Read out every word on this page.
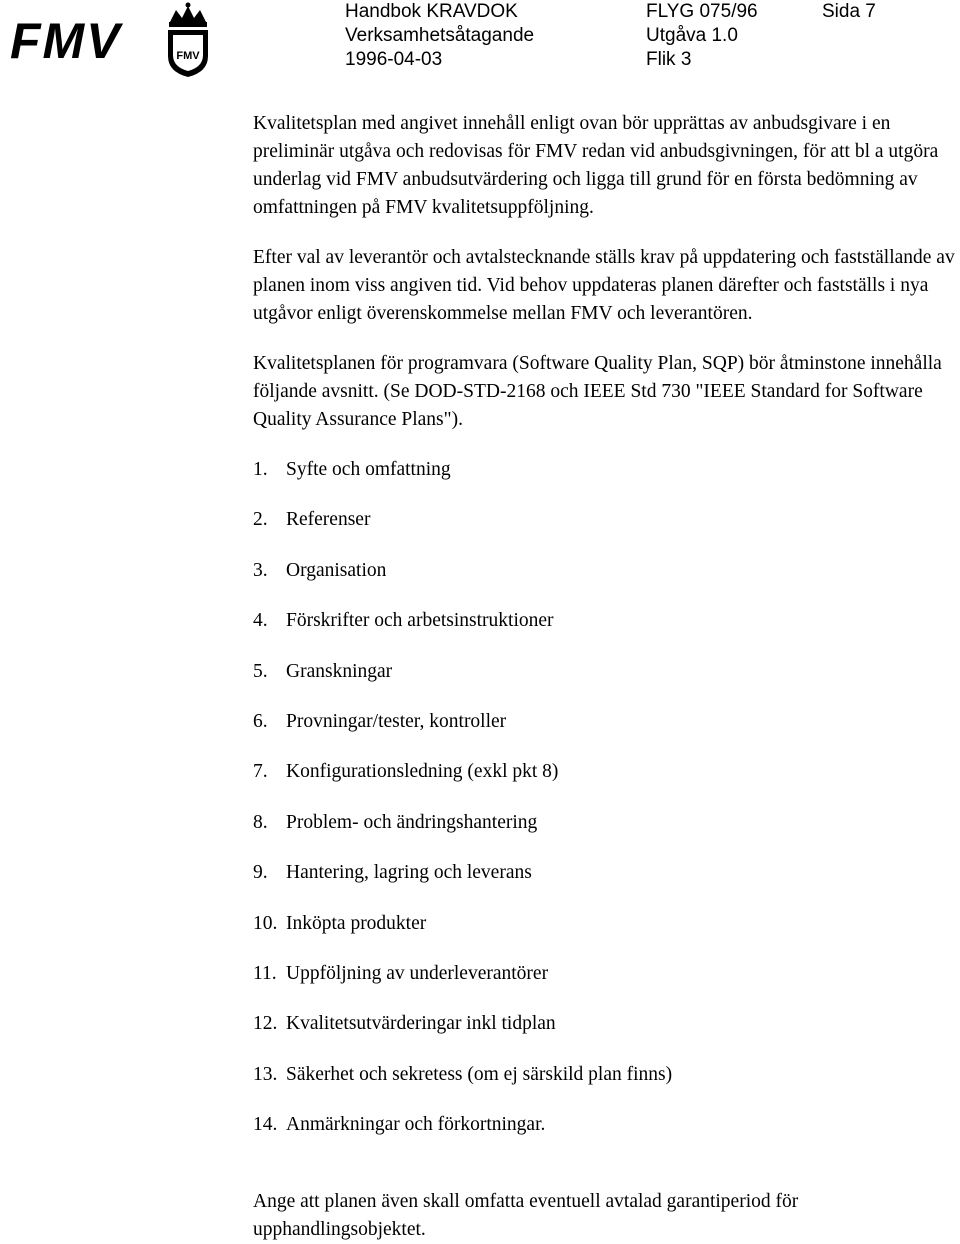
FMV	FMV

Handbok KRAVDOK	FLYG 075/96	Sida 7

Verksamhetsåtagande	Utgåva 1.0

1996-04-03	Flik 3

Kvalitetsplan med angivet innehåll enligt ovan bör upprättas av anbudsgivare i en preliminär utgåva och redovisas för FMV redan vid anbudsgivningen, för att bl a utgöra underlag vid FMV anbudsutvärdering och ligga till grund för en första bedömning av omfattningen på FMV kvalitetsuppföljning.

Efter val av leverantör och avtalstecknande ställs krav på uppdatering och fastställande av planen inom viss angiven tid. Vid behov uppdateras planen därefter och fastställs i nya utgåvor enligt överenskommelse mellan FMV och leverantören.

Kvalitetsplanen för programvara (Software Quality Plan, SQP) bör åtminstone innehålla följande avsnitt. (Se DOD-STD-2168 och IEEE Std 730 "IEEE Standard for Software Quality Assurance Plans").

1. Syfte och omfattning
2. Referenser
3. Organisation
4. Förskrifter och arbetsinstruktioner
5. Granskningar
6. Provningar/tester, kontroller
7. Konfigurationsledning (exkl pkt 8)
8. Problem- och ändringshantering
9. Hantering, lagring och leverans
10. Inköpta produkter
11. Uppföljning av underleverantörer
12. Kvalitetsutvärderingar inkl tidplan
13. Säkerhet och sekretess (om ej särskild plan finns)
14. Anmärkningar och förkortningar.

Ange att planen även skall omfatta eventuell avtalad garantiperiod för upphandlingsobjektet.
